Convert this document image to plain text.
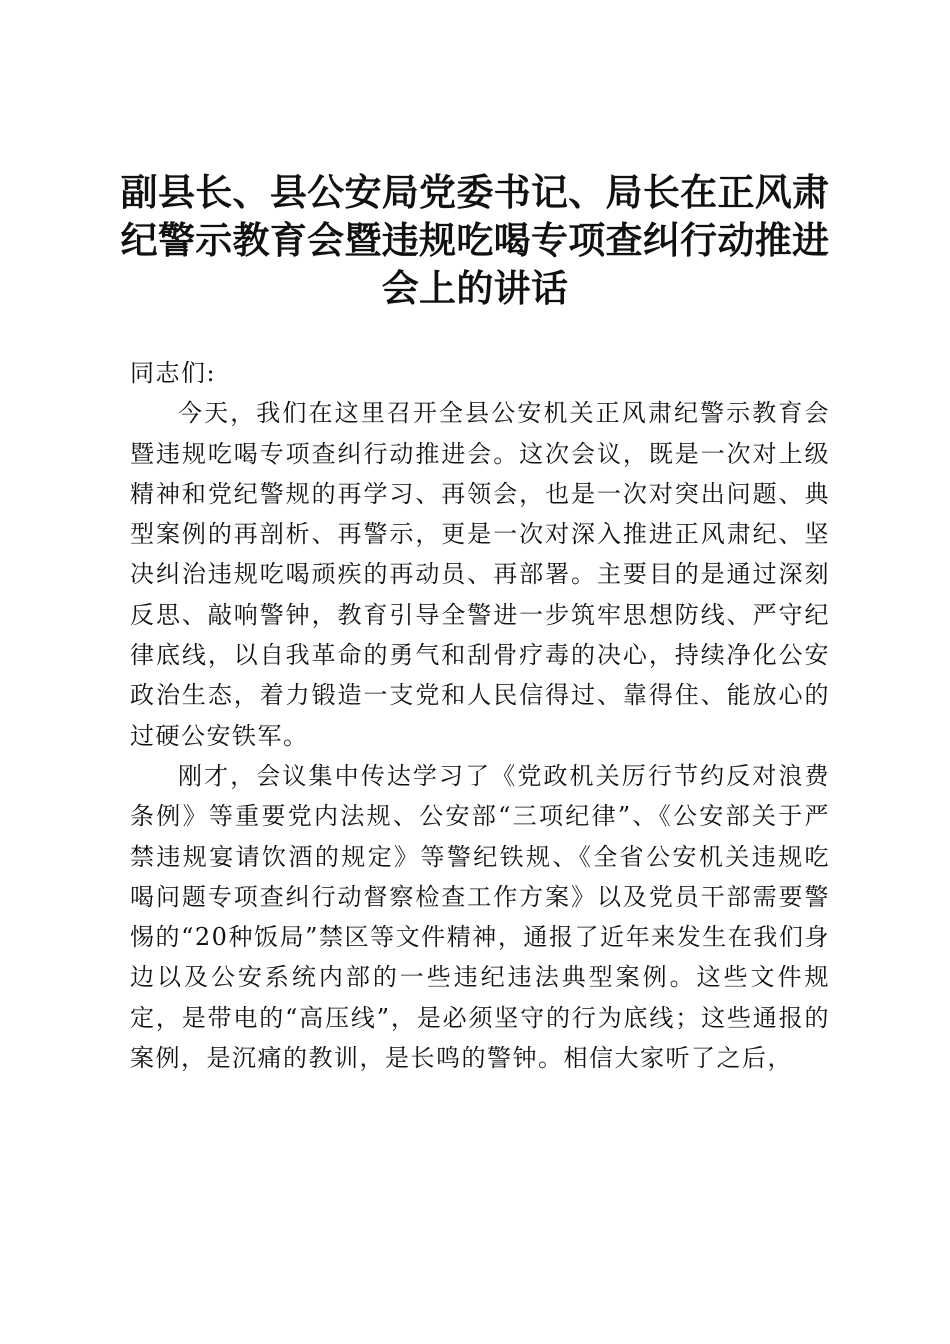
副县长、县公安局党委书记、局长在正风肃纪警示教育会暨违规吃喝专项查纠行动推进会上的讲话

同志们:

今天，我们在这里召开全县公安机关正风肃纪警示教育会暨违规吃喝专项查纠行动推进会。这次会议，既是一次对上级精神和党纪警规的再学习、再领会，也是一次对突出问题、典型案例的再剖析、再警示，更是一次对深入推进正风肃纪、坚决纠治违规吃喝顽疾的再动员、再部署。主要目的是通过深刻反思、敲响警钟，教育引导全警进一步筑牢思想防线、严守纪律底线，以自我革命的勇气和刮骨疗毒的决心，持续净化公安政治生态，着力锻造一支党和人民信得过、靠得住、能放心的过硬公安铁军。

刚才，会议集中传达学习了《党政机关厉行节约反对浪费条例》等重要党内法规、公安部“三项纪律”、《公安部关于严禁违规宴请饮酒的规定》等警纪铁规、《全省公安机关违规吃喝问题专项查纠行动督察检查工作方案》以及党员干部需要警惕的“20种饭局”禁区等文件精神，通报了近年来发生在我们身边以及公安系统内部的一些违纪违法典型案例。这些文件规定，是带电的“高压线”，是必须坚守的行为底线；这些通报的案例，是沉痛的教训，是长鸣的警钟。相信大家听了之后，
